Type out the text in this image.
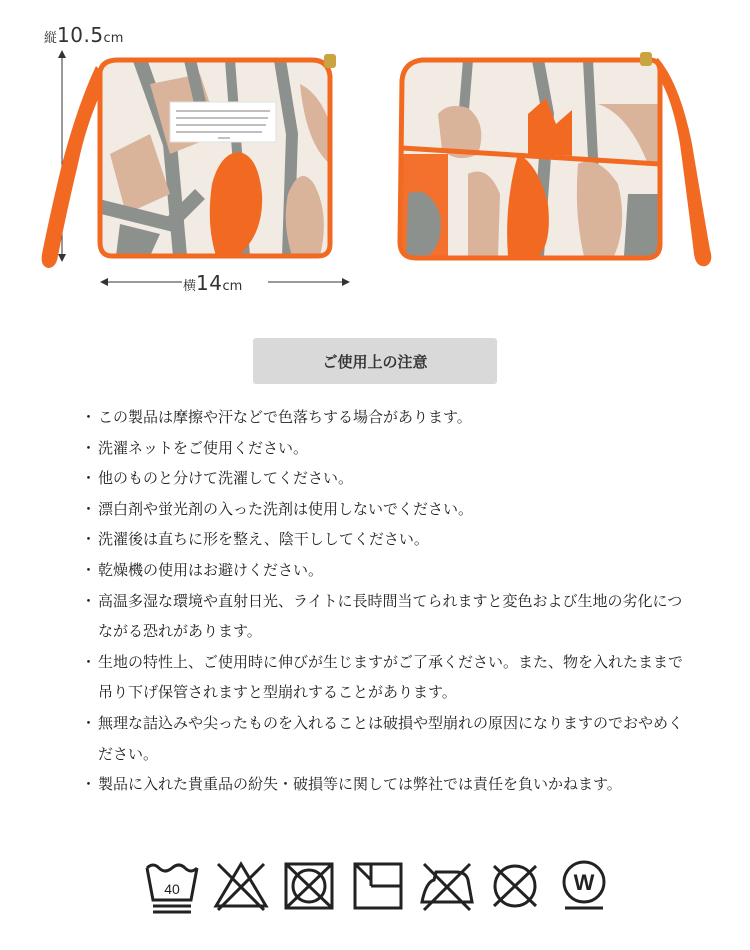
縦10.5cm
横14cm
ご使用上の注意
・ この製品は摩擦や汗などで色落ちする場合があります。
・ 洗濯ネットをご使用ください。
・ 他のものと分けて洗濯してください。
・ 漂白剤や蛍光剤の入った洗剤は使用しないでください。
・ 洗濯後は直ちに形を整え、陰干ししてください。
・ 乾燥機の使用はお避けください。
・ 高温多湿な環境や直射日光、ライトに長時間当てられますと変色および生地の劣化につながる恐れがあります。
・ 生地の特性上、ご使用時に伸びが生じますがご了承ください。また、物を入れたままで吊り下げ保管されますと型崩れすることがあります。
・ 無理な詰込みや尖ったものを入れることは破損や型崩れの原因になりますのでおやめください。
・ 製品に入れた貴重品の紛失・破損等に関しては弊社では責任を負いかねます。
40	W
